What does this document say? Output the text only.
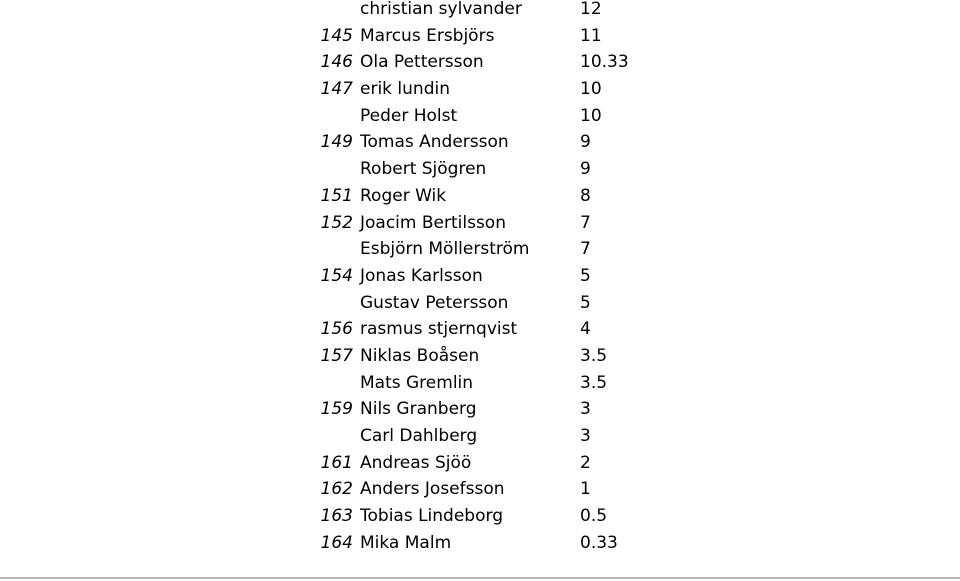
christian sylvander	12
145 Marcus Ersbjörs	11
146 Ola Pettersson	10.33
147 erik lundin	10
Peder Holst	10
149 Tomas Andersson	9
Robert Sjögren	9
151 Roger Wik	8
152 Joacim Bertilsson	7
Esbjörn Möllerström	7
154 Jonas Karlsson	5
Gustav Petersson	5
156 rasmus stjernqvist	4
157 Niklas Boåsen	3.5
Mats Gremlin	3.5
159 Nils Granberg	3
Carl Dahlberg	3
161 Andreas Sjöö	2
162 Anders Josefsson	1
163 Tobias Lindeborg	0.5
164 Mika Malm	0.33
